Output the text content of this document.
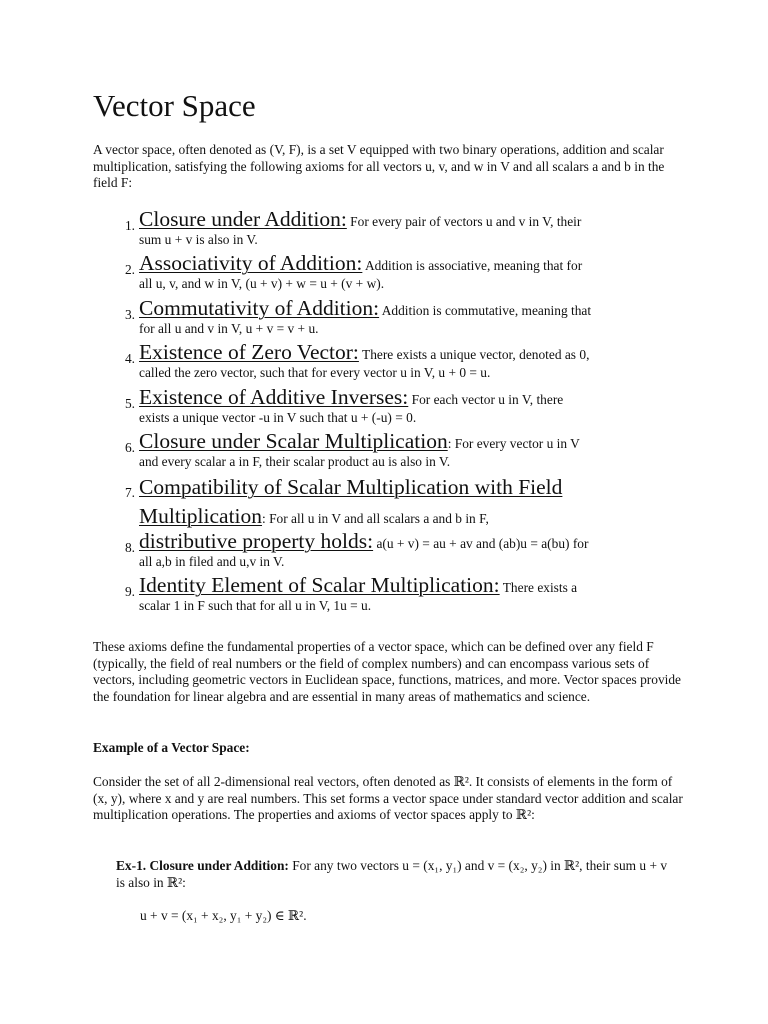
Vector Space

A vector space, often denoted as (V, F), is a set V equipped with two binary operations, addition and scalar multiplication, satisfying the following axioms for all vectors u, v, and w in V and all scalars a and b in the field F:

1. Closure under Addition: For every pair of vectors u and v in V, their
sum u + v is also in V.
2. Associativity of Addition: Addition is associative, meaning that for
all u, v, and w in V, (u + v) + w = u + (v + w).
3. Commutativity of Addition: Addition is commutative, meaning that
for all u and v in V, u + v = v + u.
4. Existence of Zero Vector: There exists a unique vector, denoted as 0,
called the zero vector, such that for every vector u in V, u + 0 = u.
5. Existence of Additive Inverses: For each vector u in V, there
exists a unique vector -u in V such that u + (-u) = 0.
6. Closure under Scalar Multiplication: For every vector u in V
and every scalar a in F, their scalar product au is also in V.
7. Compatibility of Scalar Multiplication with Field
Multiplication: For all u in V and all scalars a and b in F,
8. distributive property holds: a(u + v) = au + av and (ab)u = a(bu) for
all a,b in filed and u,v in V.
9. Identity Element of Scalar Multiplication: There exists a
scalar 1 in F such that for all u in V, 1u = u.

These axioms define the fundamental properties of a vector space, which can be defined over any field F (typically, the field of real numbers or the field of complex numbers) and can encompass various sets of vectors, including geometric vectors in Euclidean space, functions, matrices, and more. Vector spaces provide the foundation for linear algebra and are essential in many areas of mathematics and science.

Example of a Vector Space:

Consider the set of all 2-dimensional real vectors, often denoted as ℝ². It consists of elements in the form of (x, y), where x and y are real numbers. This set forms a vector space under standard vector addition and scalar multiplication operations. The properties and axioms of vector spaces apply to ℝ²:

Ex-1. Closure under Addition: For any two vectors u = (x₁, y₁) and v = (x₂, y₂) in ℝ², their sum u + v is also in ℝ²:

u + v = (x₁ + x₂, y₁ + y₂) ∈ ℝ².
